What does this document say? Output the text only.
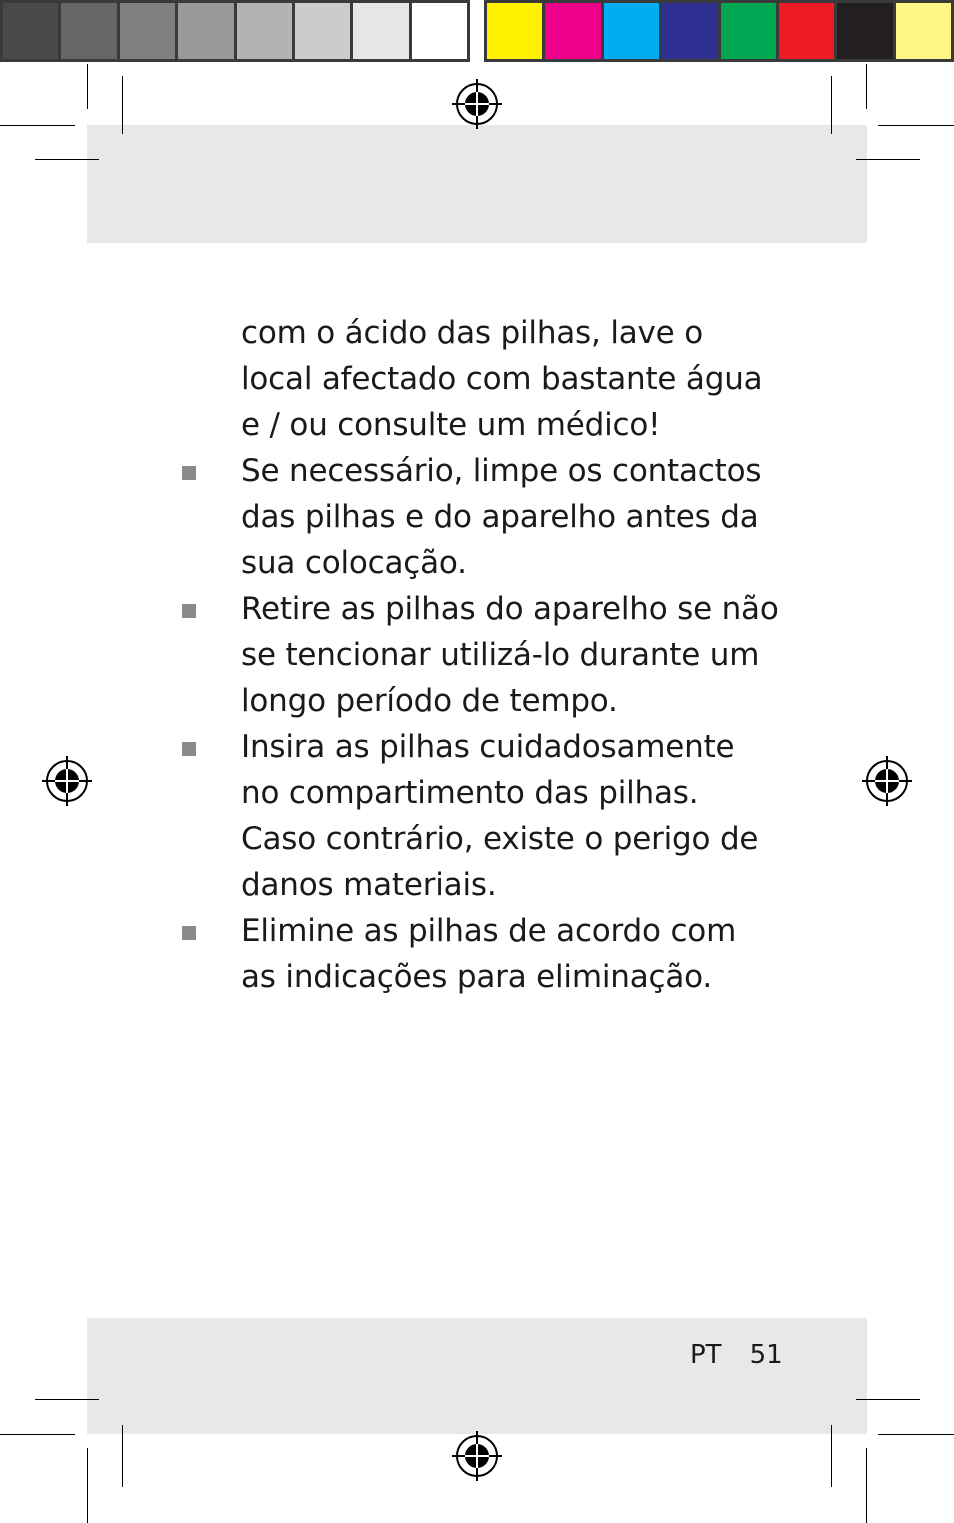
com o ácido das pilhas, lave o local afectado com bastante água e / ou consulte um médico!

Se necessário, limpe os contactos das pilhas e do aparelho antes da sua colocação.

Retire as pilhas do aparelho se não se tencionar utilizá-lo durante um longo período de tempo.

Insira as pilhas cuidadosamente no compartimento das pilhas. Caso contrário, existe o perigo de danos materiais.

Elimine as pilhas de acordo com as indicações para eliminação.

PT 51
